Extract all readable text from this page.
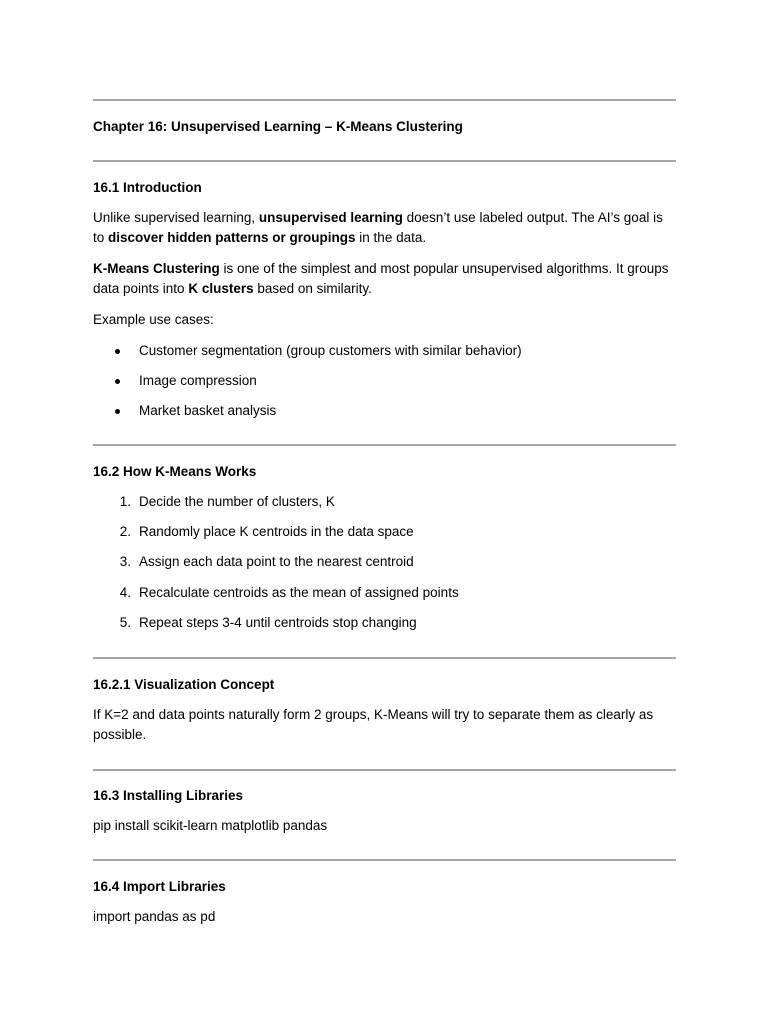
Chapter 16: Unsupervised Learning – K-Means Clustering
16.1 Introduction
Unlike supervised learning, unsupervised learning doesn’t use labeled output. The AI’s goal is to discover hidden patterns or groupings in the data.
K-Means Clustering is one of the simplest and most popular unsupervised algorithms. It groups data points into K clusters based on similarity.
Example use cases:
Customer segmentation (group customers with similar behavior)
Image compression
Market basket analysis
16.2 How K-Means Works
1. Decide the number of clusters, K
2. Randomly place K centroids in the data space
3. Assign each data point to the nearest centroid
4. Recalculate centroids as the mean of assigned points
5. Repeat steps 3-4 until centroids stop changing
16.2.1 Visualization Concept
If K=2 and data points naturally form 2 groups, K-Means will try to separate them as clearly as possible.
16.3 Installing Libraries
pip install scikit-learn matplotlib pandas
16.4 Import Libraries
import pandas as pd
